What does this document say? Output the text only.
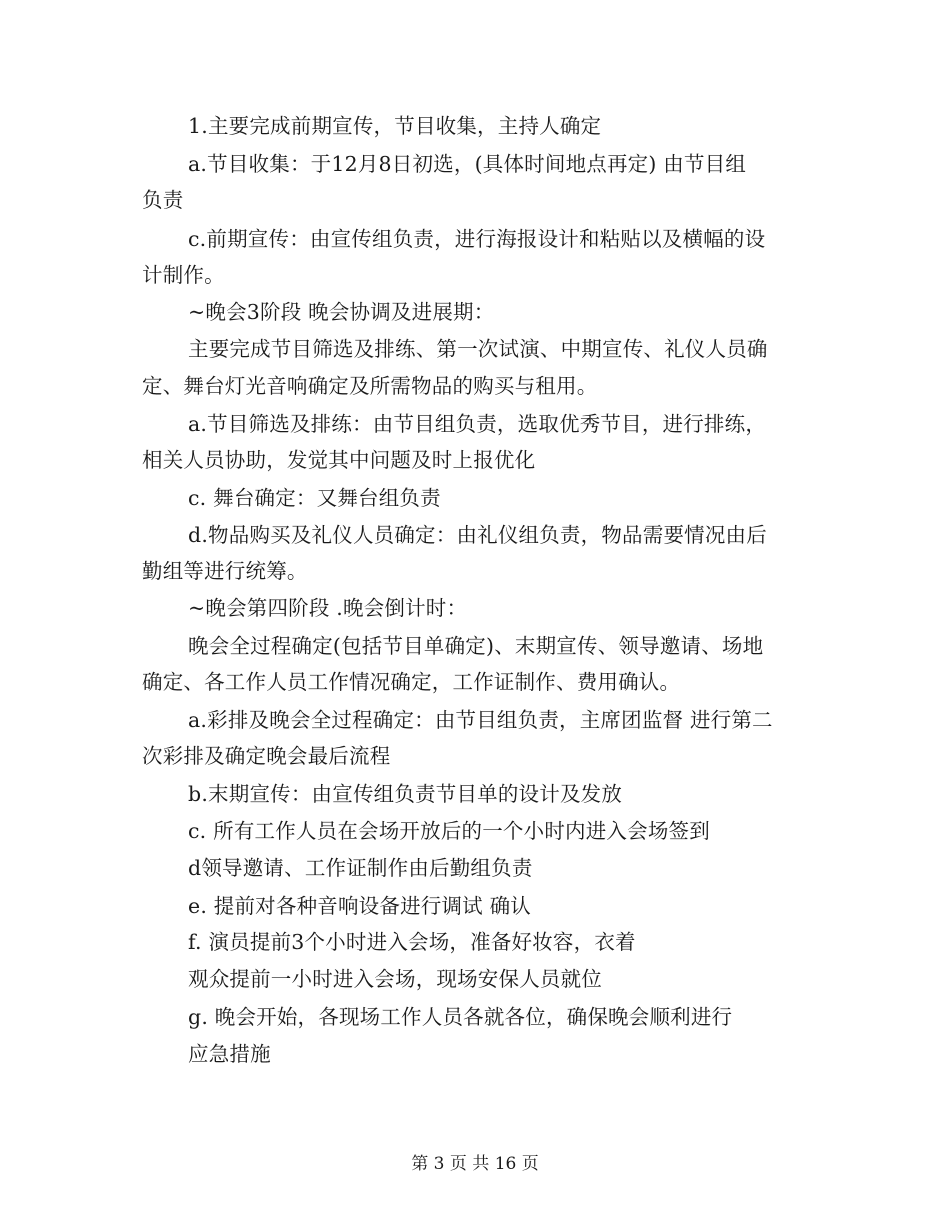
1.主要完成前期宣传，节目收集，主持人确定
a.节目收集：于12月8日初选，(具体时间地点再定) 由节目组
负责
c.前期宣传：由宣传组负责，进行海报设计和粘贴以及横幅的设
计制作。
~晚会3阶段 晚会协调及进展期：
主要完成节目筛选及排练、第一次试演、中期宣传、礼仪人员确
定、舞台灯光音响确定及所需物品的购买与租用。
a.节目筛选及排练：由节目组负责，选取优秀节目，进行排练，
相关人员协助，发觉其中问题及时上报优化
c. 舞台确定：又舞台组负责
d.物品购买及礼仪人员确定：由礼仪组负责，物品需要情况由后
勤组等进行统筹。
~晚会第四阶段 .晚会倒计时：
晚会全过程确定(包括节目单确定)、末期宣传、领导邀请、场地
确定、各工作人员工作情况确定，工作证制作、费用确认。
a.彩排及晚会全过程确定：由节目组负责，主席团监督 进行第二
次彩排及确定晚会最后流程
b.末期宣传：由宣传组负责节目单的设计及发放
c. 所有工作人员在会场开放后的一个小时内进入会场签到
d领导邀请、工作证制作由后勤组负责
e. 提前对各种音响设备进行调试 确认
f. 演员提前3个小时进入会场，准备好妆容，衣着
观众提前一小时进入会场，现场安保人员就位
g. 晚会开始，各现场工作人员各就各位，确保晚会顺利进行
应急措施
第 3 页 共 16 页
